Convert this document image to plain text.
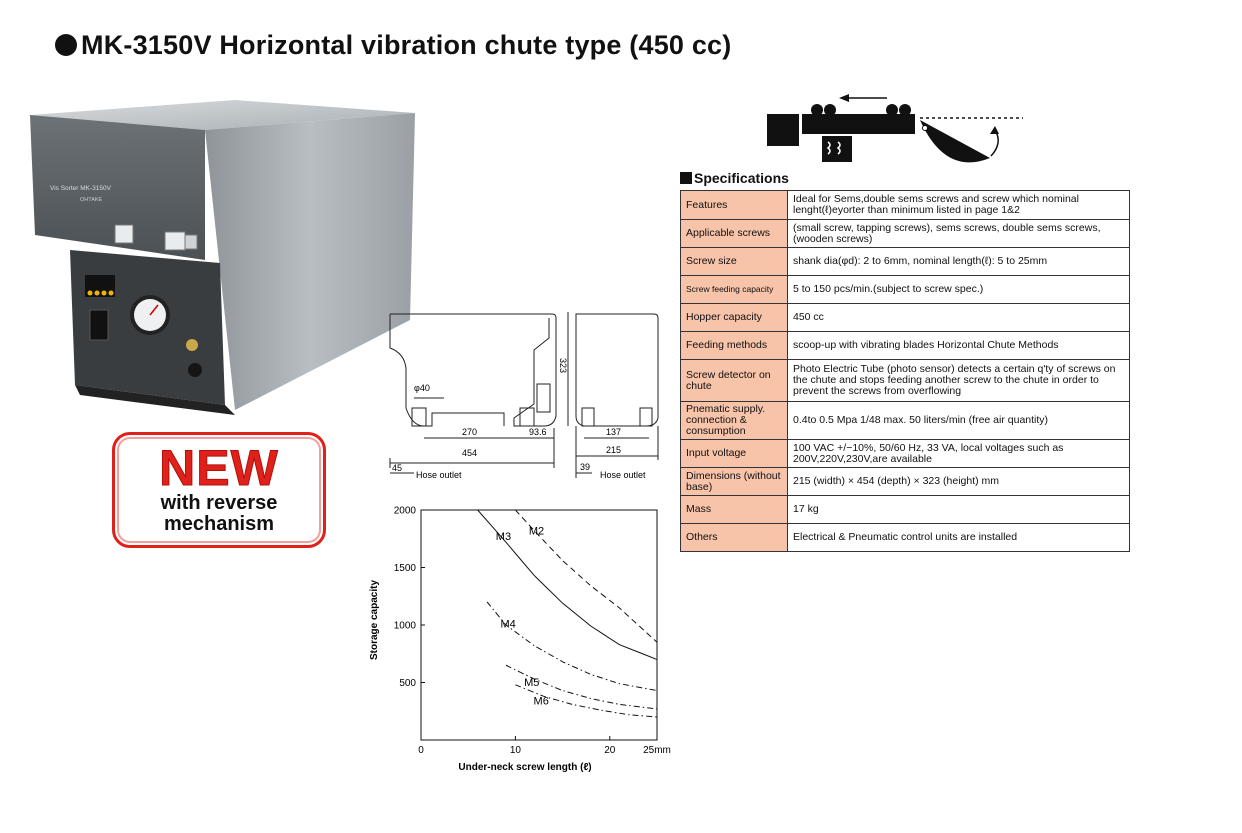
MK-3150V Horizontal vibration chute type (450 cc)
Vis Sorter MK-3150V
OHTAKE
NEW
with reverse
mechanism
Specifications
Features	Ideal for Sems,double sems screws and screw which nominal lenght(ℓ)eyorter than minimum listed in page 1&2
Applicable screws	(small screw, tapping screws), sems screws, double sems screws, (wooden screws)
Screw size	shank dia(φd): 2 to 6mm, nominal length(ℓ): 5 to 25mm
Screw feeding capacity	5 to 150 pcs/min.(subject to screw spec.)
Hopper capacity	450 cc
Feeding methods	scoop-up with vibrating blades Horizontal Chute Methods
Screw detector on chute	Photo Electric Tube (photo sensor) detects a certain q'ty of screws on the chute and stops feeding another screw to the chute in order to prevent the screws from overflowing
Pnematic supply. connection & consumption	0.4to 0.5 Mpa 1/48 max. 50 liters/min (free air quantity)
Input voltage	100 VAC +/−10%, 50/60 Hz, 33 VA, local voltages such as 200V,220V,230V,are available
Dimensions (without base)	215 (width) × 454 (depth) × 323 (height) mm
Mass	17 kg
Others	Electrical & Pneumatic control units are installed
φ40
270	93.6
454
45
Hose outlet
323
137
215
39
Hose outlet
500
1000
1500
2000
0	10	20	25mm
M2
M3
M4
M5
M6
Storage capacity
Under-neck screw length (ℓ)
